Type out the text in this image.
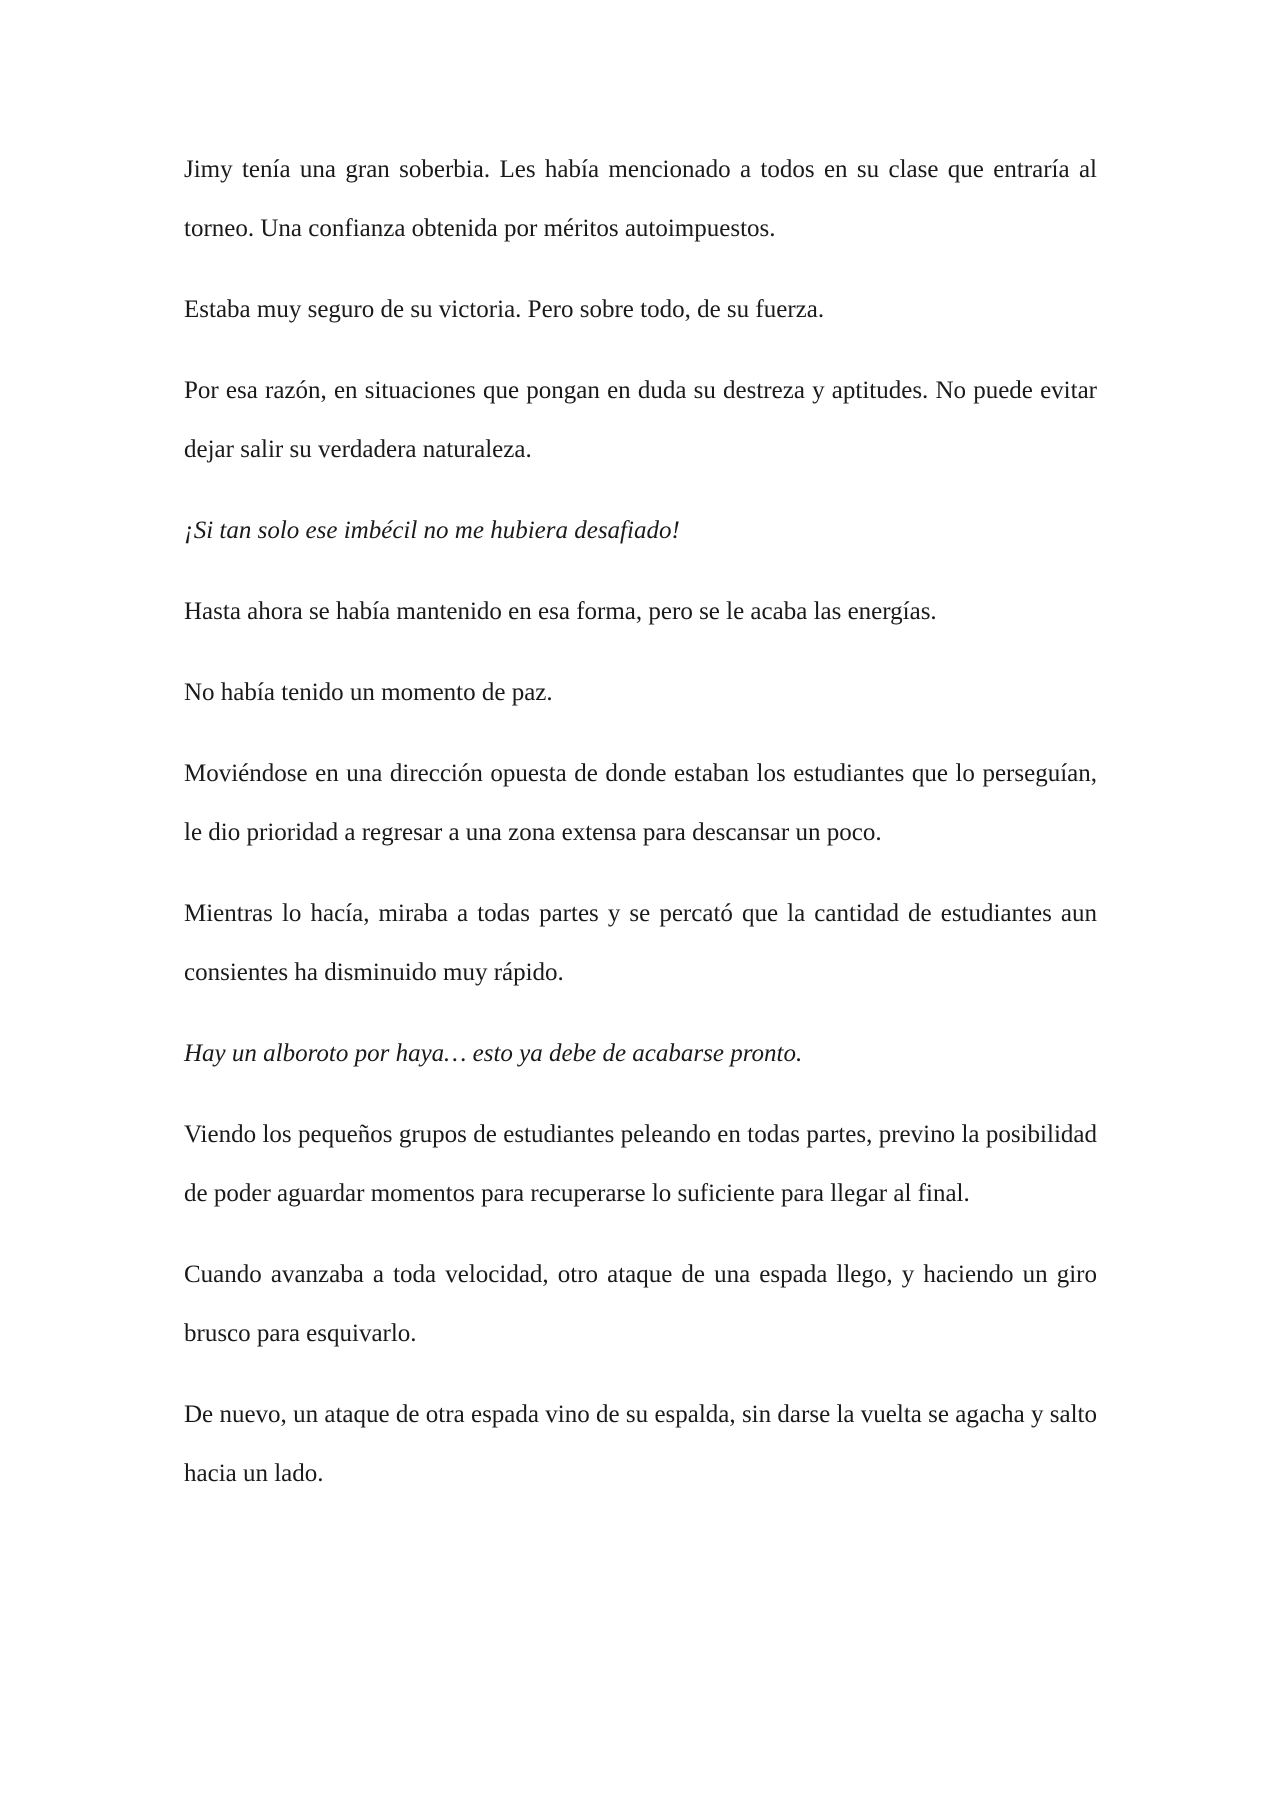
Jimy tenía una gran soberbia. Les había mencionado a todos en su clase que entraría al torneo. Una confianza obtenida por méritos autoimpuestos.

Estaba muy seguro de su victoria. Pero sobre todo, de su fuerza.

Por esa razón, en situaciones que pongan en duda su destreza y aptitudes. No puede evitar dejar salir su verdadera naturaleza.

¡Si tan solo ese imbécil no me hubiera desafiado!

Hasta ahora se había mantenido en esa forma, pero se le acaba las energías.

No había tenido un momento de paz.

Moviéndose en una dirección opuesta de donde estaban los estudiantes que lo perseguían, le dio prioridad a regresar a una zona extensa para descansar un poco.

Mientras lo hacía, miraba a todas partes y se percató que la cantidad de estudiantes aun consientes ha disminuido muy rápido.

Hay un alboroto por haya… esto ya debe de acabarse pronto.

Viendo los pequeños grupos de estudiantes peleando en todas partes, previno la posibilidad de poder aguardar momentos para recuperarse lo suficiente para llegar al final.

Cuando avanzaba a toda velocidad, otro ataque de una espada llego, y haciendo un giro brusco para esquivarlo.

De nuevo, un ataque de otra espada vino de su espalda, sin darse la vuelta se agacha y salto hacia un lado.
